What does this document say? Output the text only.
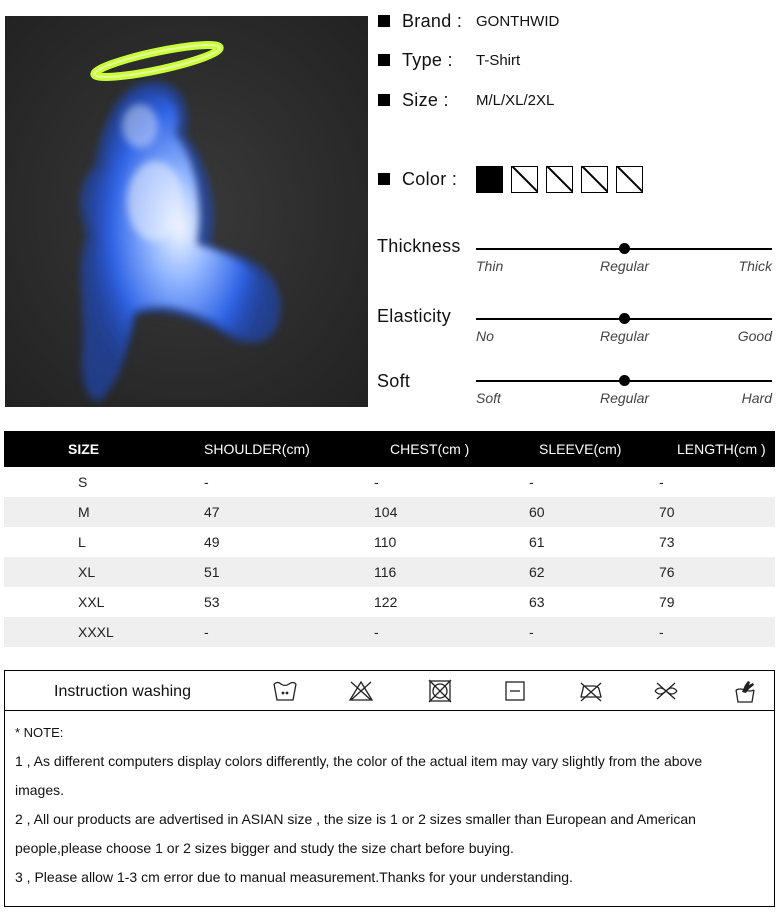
Brand : GONTHWID
Type : T-Shirt
Size : M/L/XL/2XL
Color :
Thickness
Thin	Regular	Thick
Elasticity
No	Regular	Good
Soft
Soft	Regular	Hard
SIZE	SHOULDER(cm)	CHEST(cm )	SLEEVE(cm)	LENGTH(cm )
S	-	-	-	-
M	47	104	60	70
L	49	110	61	73
XL	51	116	62	76
XXL	53	122	63	79
XXXL	-	-	-	-
Instruction washing
* NOTE:
1 , As different computers display colors differently, the color of the actual item may vary slightly from the above
images.
2 , All our products are advertised in ASIAN size , the size is 1 or 2 sizes smaller than European and American
people,please choose 1 or 2 sizes bigger and study the size chart before buying.
3 , Please allow 1-3 cm error due to manual measurement.Thanks for your understanding.
